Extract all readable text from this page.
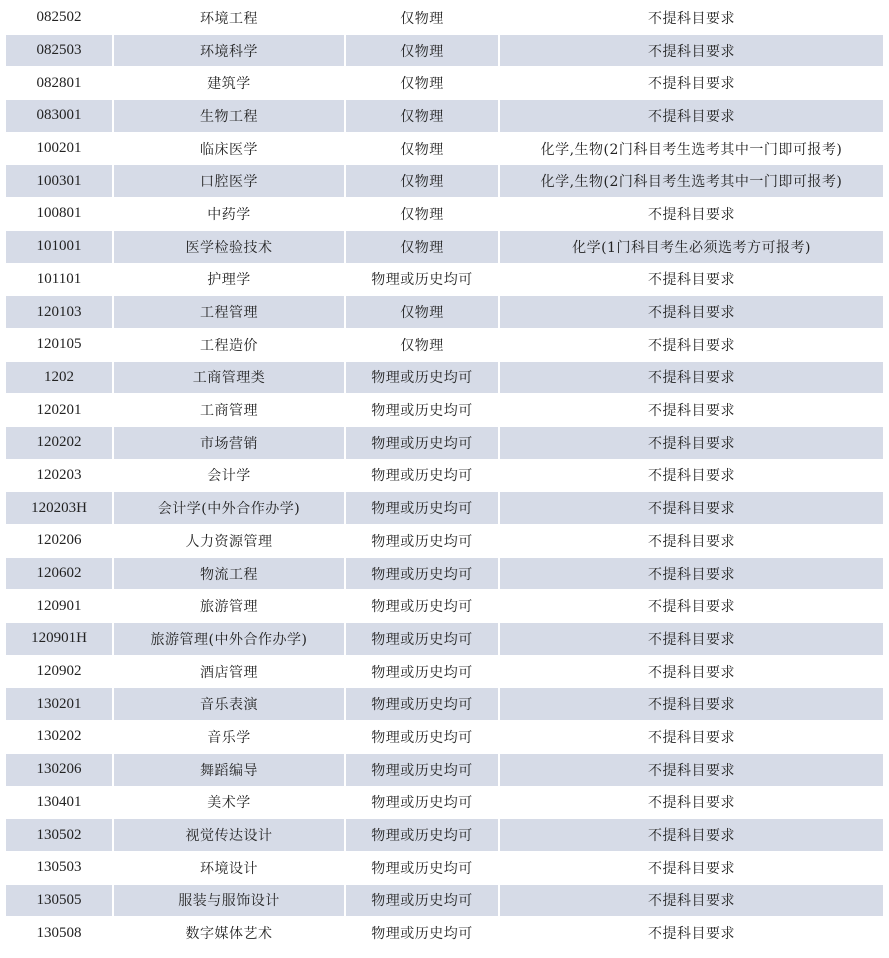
082502	环境工程	仅物理	不提科目要求
082503	环境科学	仅物理	不提科目要求
082801	建筑学	仅物理	不提科目要求
083001	生物工程	仅物理	不提科目要求
100201	临床医学	仅物理	化学,生物(2门科目考生选考其中一门即可报考)
100301	口腔医学	仅物理	化学,生物(2门科目考生选考其中一门即可报考)
100801	中药学	仅物理	不提科目要求
101001	医学检验技术	仅物理	化学(1门科目考生必须选考方可报考)
101101	护理学	物理或历史均可	不提科目要求
120103	工程管理	仅物理	不提科目要求
120105	工程造价	仅物理	不提科目要求
1202	工商管理类	物理或历史均可	不提科目要求
120201	工商管理	物理或历史均可	不提科目要求
120202	市场营销	物理或历史均可	不提科目要求
120203	会计学	物理或历史均可	不提科目要求
120203H	会计学(中外合作办学)	物理或历史均可	不提科目要求
120206	人力资源管理	物理或历史均可	不提科目要求
120602	物流工程	物理或历史均可	不提科目要求
120901	旅游管理	物理或历史均可	不提科目要求
120901H	旅游管理(中外合作办学)	物理或历史均可	不提科目要求
120902	酒店管理	物理或历史均可	不提科目要求
130201	音乐表演	物理或历史均可	不提科目要求
130202	音乐学	物理或历史均可	不提科目要求
130206	舞蹈编导	物理或历史均可	不提科目要求
130401	美术学	物理或历史均可	不提科目要求
130502	视觉传达设计	物理或历史均可	不提科目要求
130503	环境设计	物理或历史均可	不提科目要求
130505	服装与服饰设计	物理或历史均可	不提科目要求
130508	数字媒体艺术	物理或历史均可	不提科目要求
